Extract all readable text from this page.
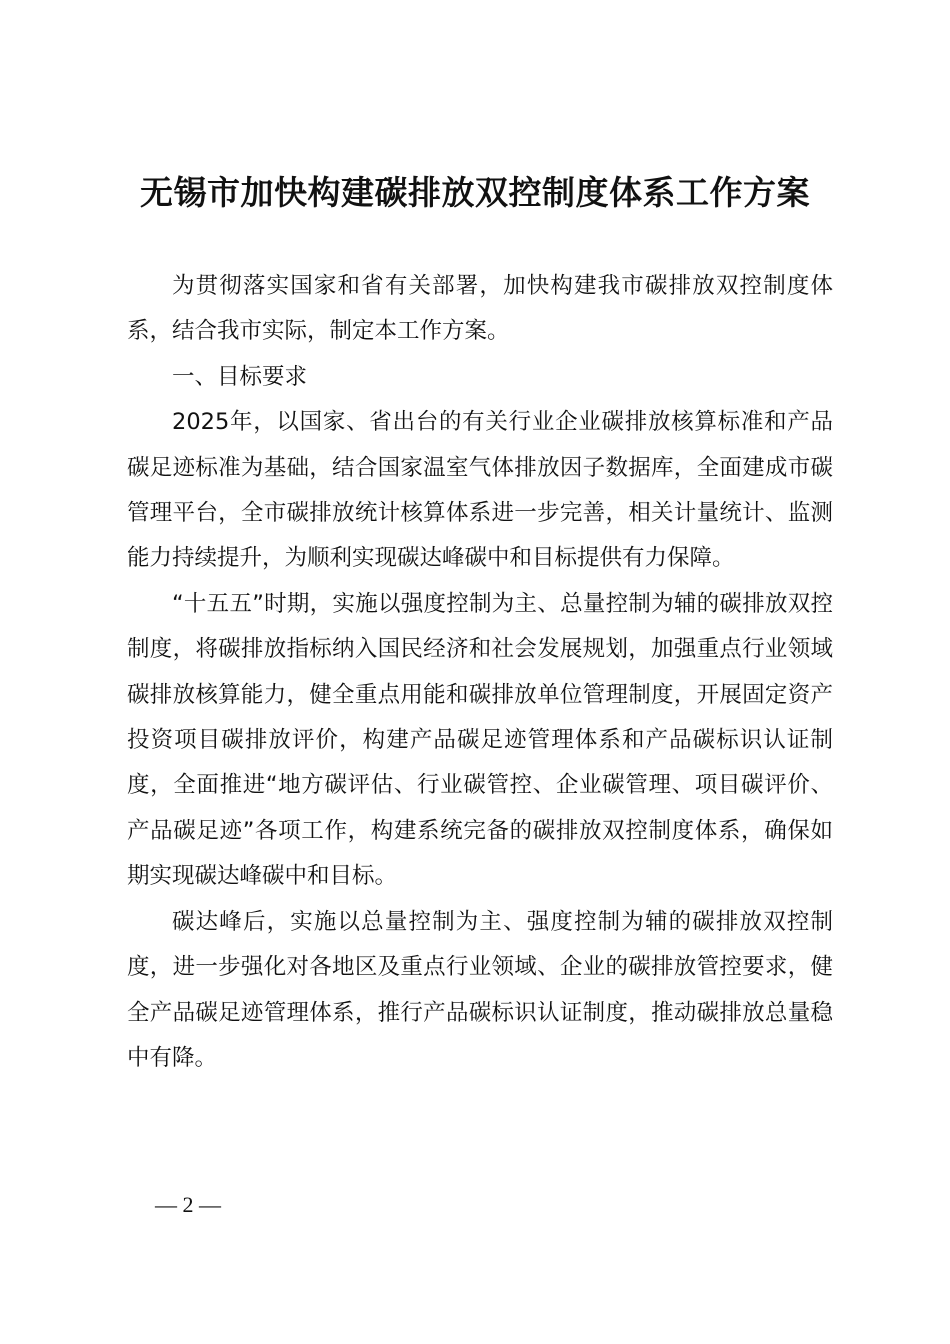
无锡市加快构建碳排放双控制度体系工作方案

为贯彻落实国家和省有关部署，加快构建我市碳排放双控制度体系，结合我市实际，制定本工作方案。

一、目标要求

2025年，以国家、省出台的有关行业企业碳排放核算标准和产品碳足迹标准为基础，结合国家温室气体排放因子数据库，全面建成市碳管理平台，全市碳排放统计核算体系进一步完善，相关计量统计、监测能力持续提升，为顺利实现碳达峰碳中和目标提供有力保障。

“十五五”时期，实施以强度控制为主、总量控制为辅的碳排放双控制度，将碳排放指标纳入国民经济和社会发展规划，加强重点行业领域碳排放核算能力，健全重点用能和碳排放单位管理制度，开展固定资产投资项目碳排放评价，构建产品碳足迹管理体系和产品碳标识认证制度，全面推进“地方碳评估、行业碳管控、企业碳管理、项目碳评价、产品碳足迹”各项工作，构建系统完备的碳排放双控制度体系，确保如期实现碳达峰碳中和目标。

碳达峰后，实施以总量控制为主、强度控制为辅的碳排放双控制度，进一步强化对各地区及重点行业领域、企业的碳排放管控要求，健全产品碳足迹管理体系，推行产品碳标识认证制度，推动碳排放总量稳中有降。

— 2 —
